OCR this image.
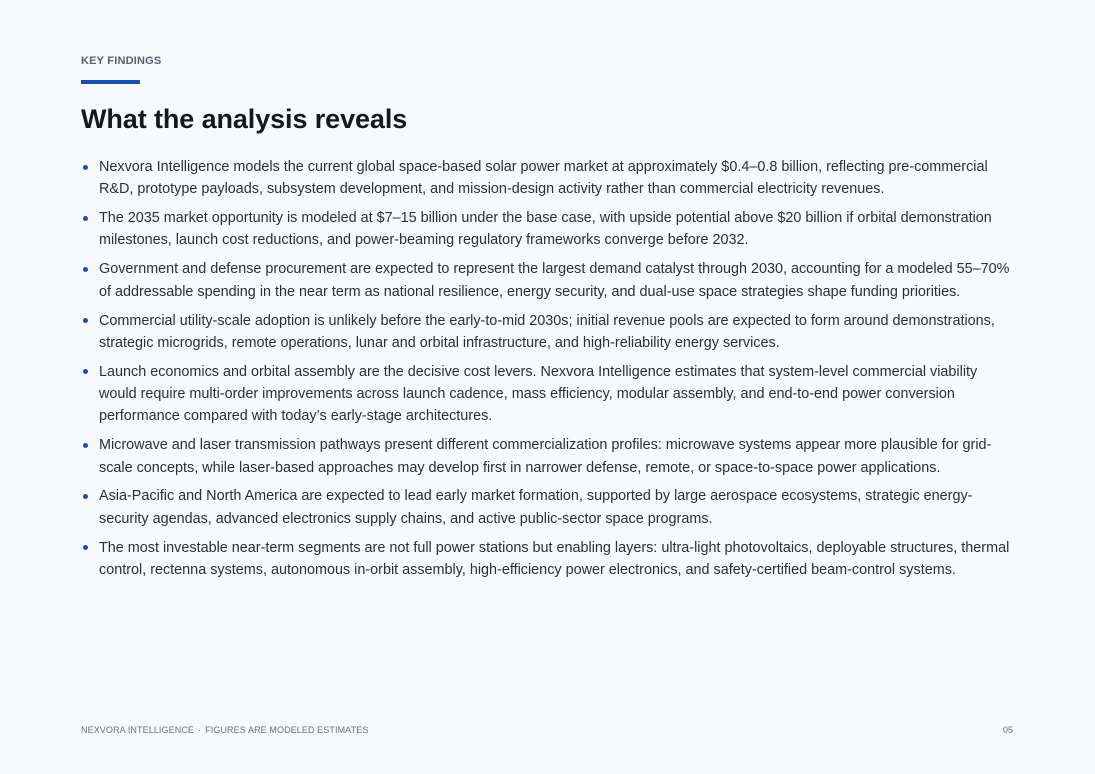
KEY FINDINGS
What the analysis reveals
Nexvora Intelligence models the current global space-based solar power market at approximately $0.4–0.8 billion, reflecting pre-commercial R&D, prototype payloads, subsystem development, and mission-design activity rather than commercial electricity revenues.
The 2035 market opportunity is modeled at $7–15 billion under the base case, with upside potential above $20 billion if orbital demonstration milestones, launch cost reductions, and power-beaming regulatory frameworks converge before 2032.
Government and defense procurement are expected to represent the largest demand catalyst through 2030, accounting for a modeled 55–70% of addressable spending in the near term as national resilience, energy security, and dual-use space strategies shape funding priorities.
Commercial utility-scale adoption is unlikely before the early-to-mid 2030s; initial revenue pools are expected to form around demonstrations, strategic microgrids, remote operations, lunar and orbital infrastructure, and high-reliability energy services.
Launch economics and orbital assembly are the decisive cost levers. Nexvora Intelligence estimates that system-level commercial viability would require multi-order improvements across launch cadence, mass efficiency, modular assembly, and end-to-end power conversion performance compared with today’s early-stage architectures.
Microwave and laser transmission pathways present different commercialization profiles: microwave systems appear more plausible for grid-scale concepts, while laser-based approaches may develop first in narrower defense, remote, or space-to-space power applications.
Asia-Pacific and North America are expected to lead early market formation, supported by large aerospace ecosystems, strategic energy-security agendas, advanced electronics supply chains, and active public-sector space programs.
The most investable near-term segments are not full power stations but enabling layers: ultra-light photovoltaics, deployable structures, thermal control, rectenna systems, autonomous in-orbit assembly, high-efficiency power electronics, and safety-certified beam-control systems.
NEXVORA INTELLIGENCE · FIGURES ARE MODELED ESTIMATES	05
